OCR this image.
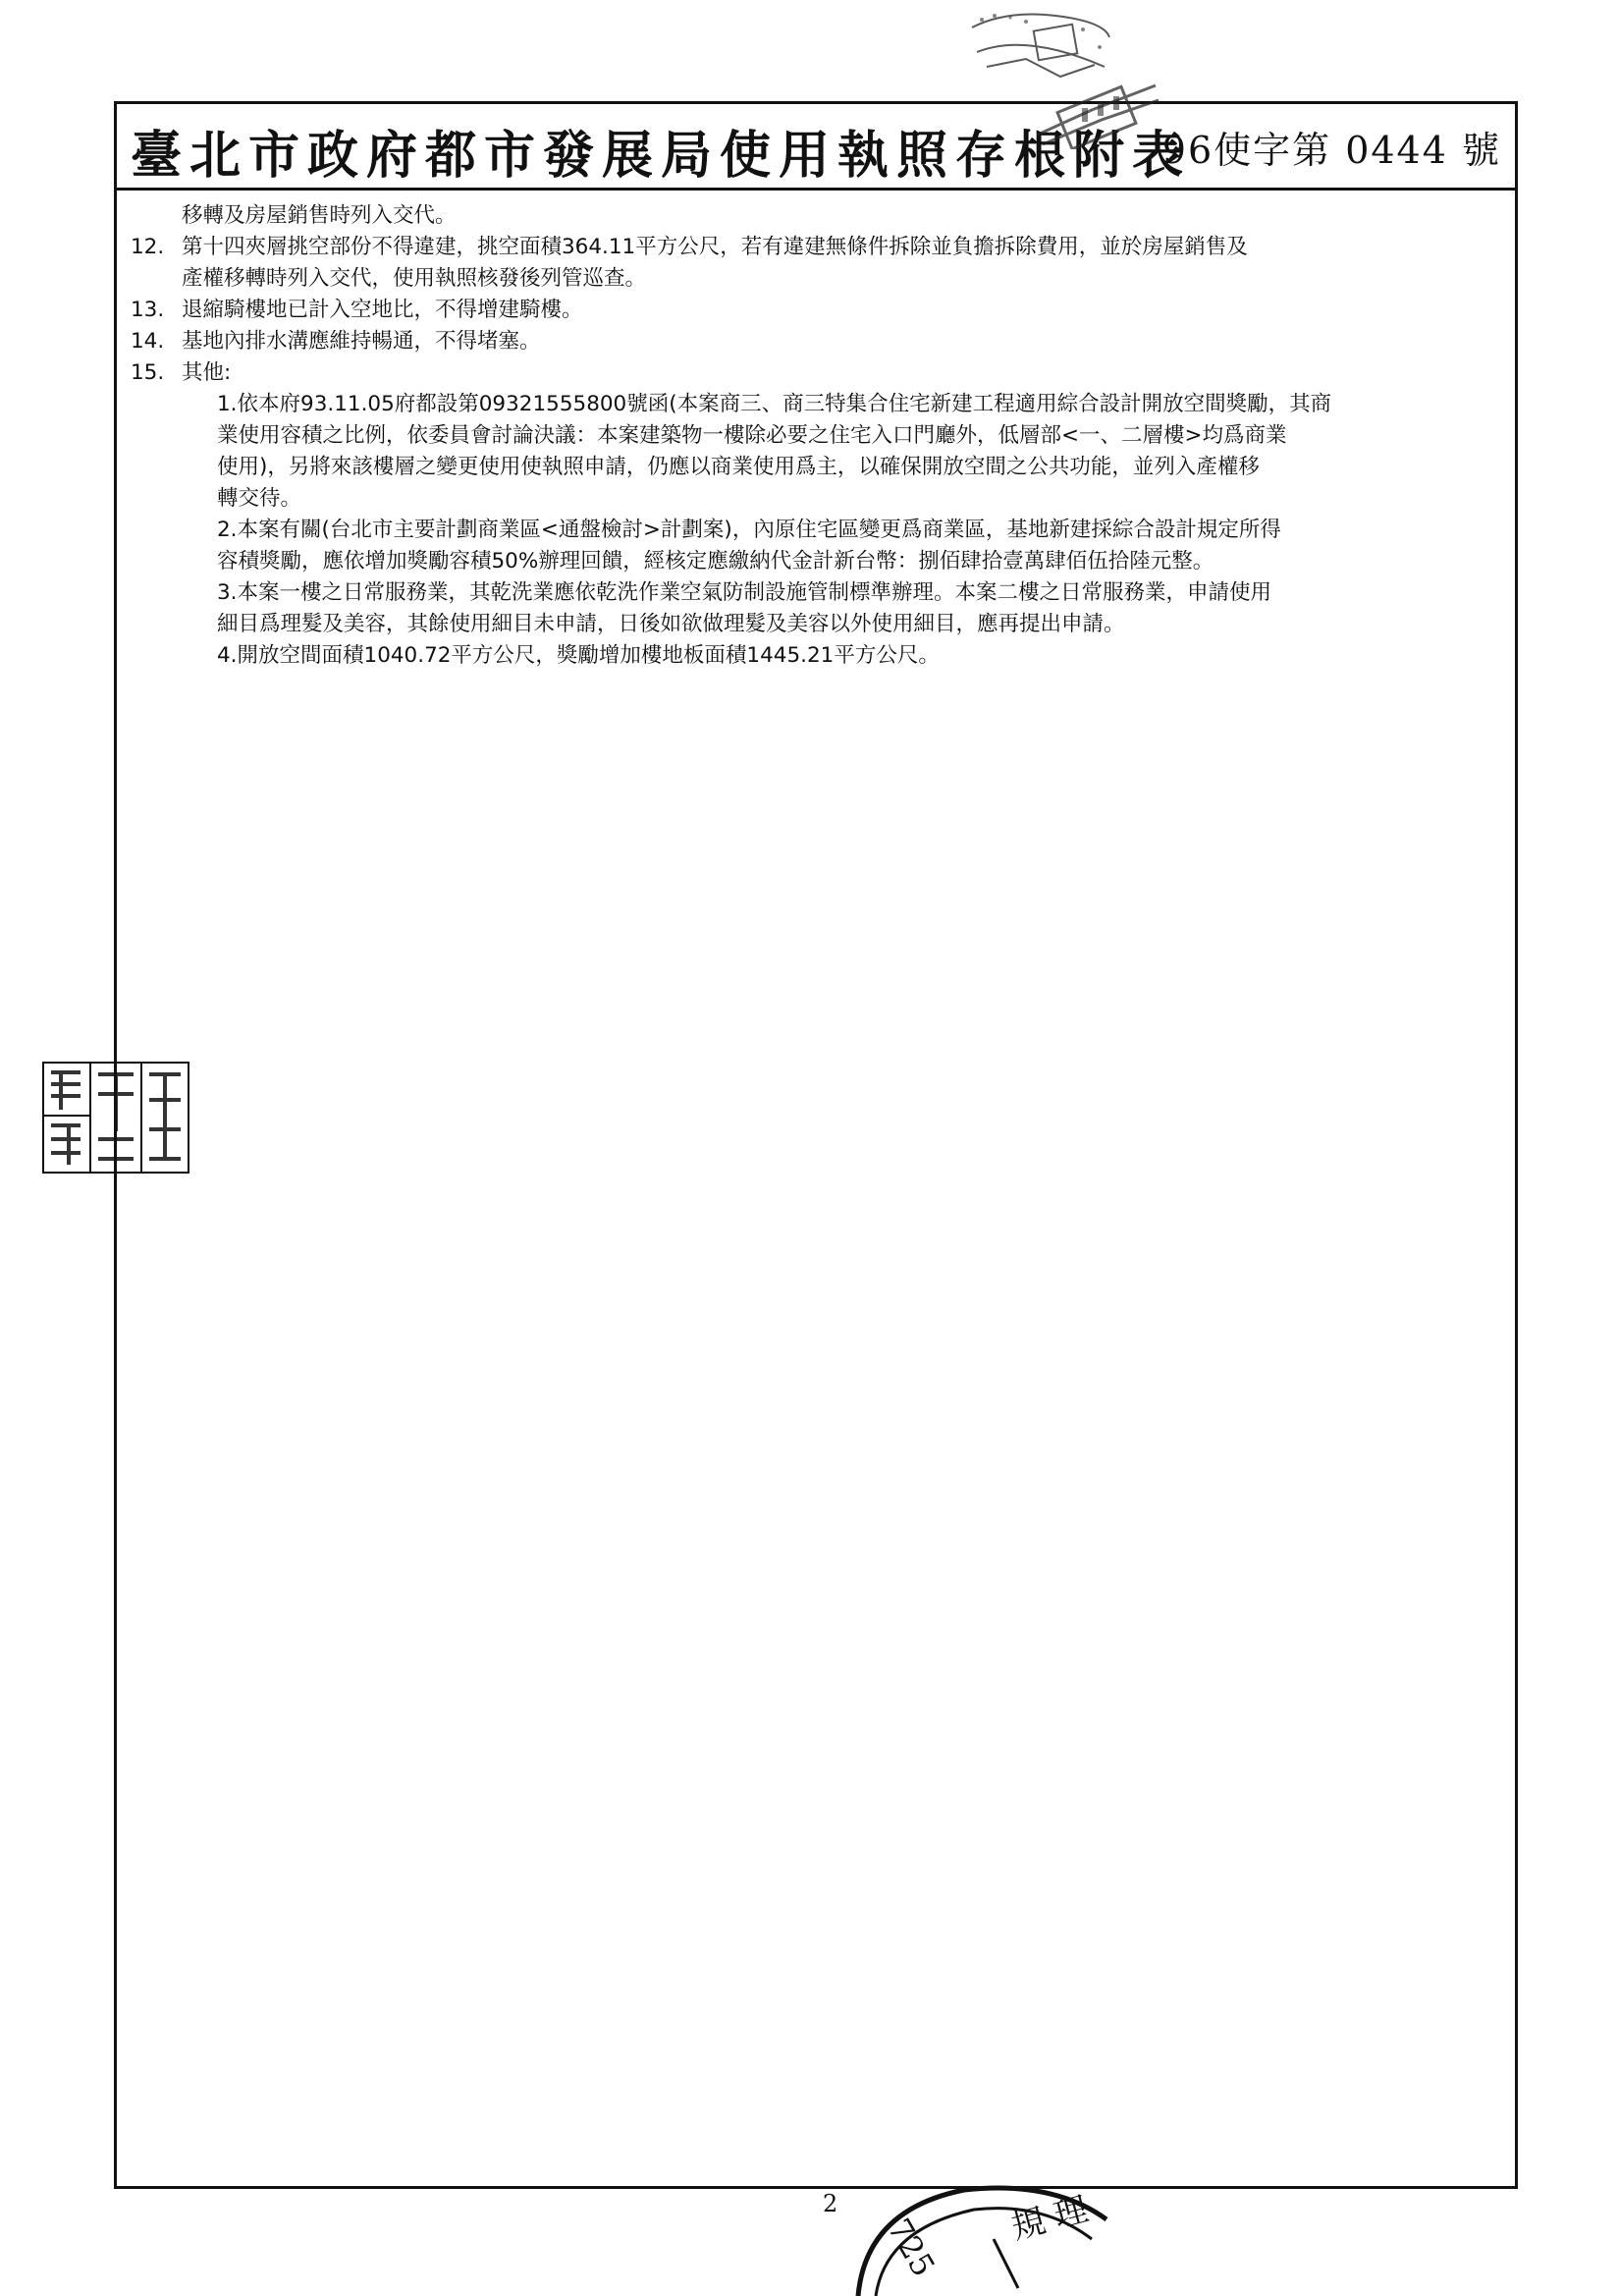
臺北市政府都市發展局使用執照存根附表
96使字第 0444 號
移轉及房屋銷售時列入交代。
12. 第十四夾層挑空部份不得違建，挑空面積364.11平方公尺，若有違建無條件拆除並負擔拆除費用，並於房屋銷售及
產權移轉時列入交代，使用執照核發後列管巡查。
13. 退縮騎樓地已計入空地比，不得增建騎樓。
14. 基地內排水溝應維持暢通，不得堵塞。
15. 其他:
1.依本府93.11.05府都設第09321555800號函(本案商三、商三特集合住宅新建工程適用綜合設計開放空間獎勵，其商
業使用容積之比例，依委員會討論決議：本案建築物一樓除必要之住宅入口門廳外，低層部<一、二層樓>均爲商業
使用)，另將來該樓層之變更使用使執照申請，仍應以商業使用爲主，以確保開放空間之公共功能，並列入產權移
轉交待。
2.本案有關(台北市主要計劃商業區<通盤檢討>計劃案)，內原住宅區變更爲商業區，基地新建採綜合設計規定所得
容積獎勵，應依增加獎勵容積50%辦理回饋，經核定應繳納代金計新台幣：捌佰肆拾壹萬肆佰伍拾陸元整。
3.本案一樓之日常服務業，其乾洗業應依乾洗作業空氣防制設施管制標準辦理。本案二樓之日常服務業，申請使用
細目爲理髮及美容，其餘使用細目未申請，日後如欲做理髮及美容以外使用細目，應再提出申請。
4.開放空間面積1040.72平方公尺，獎勵增加樓地板面積1445.21平方公尺。
2
725 規 理
